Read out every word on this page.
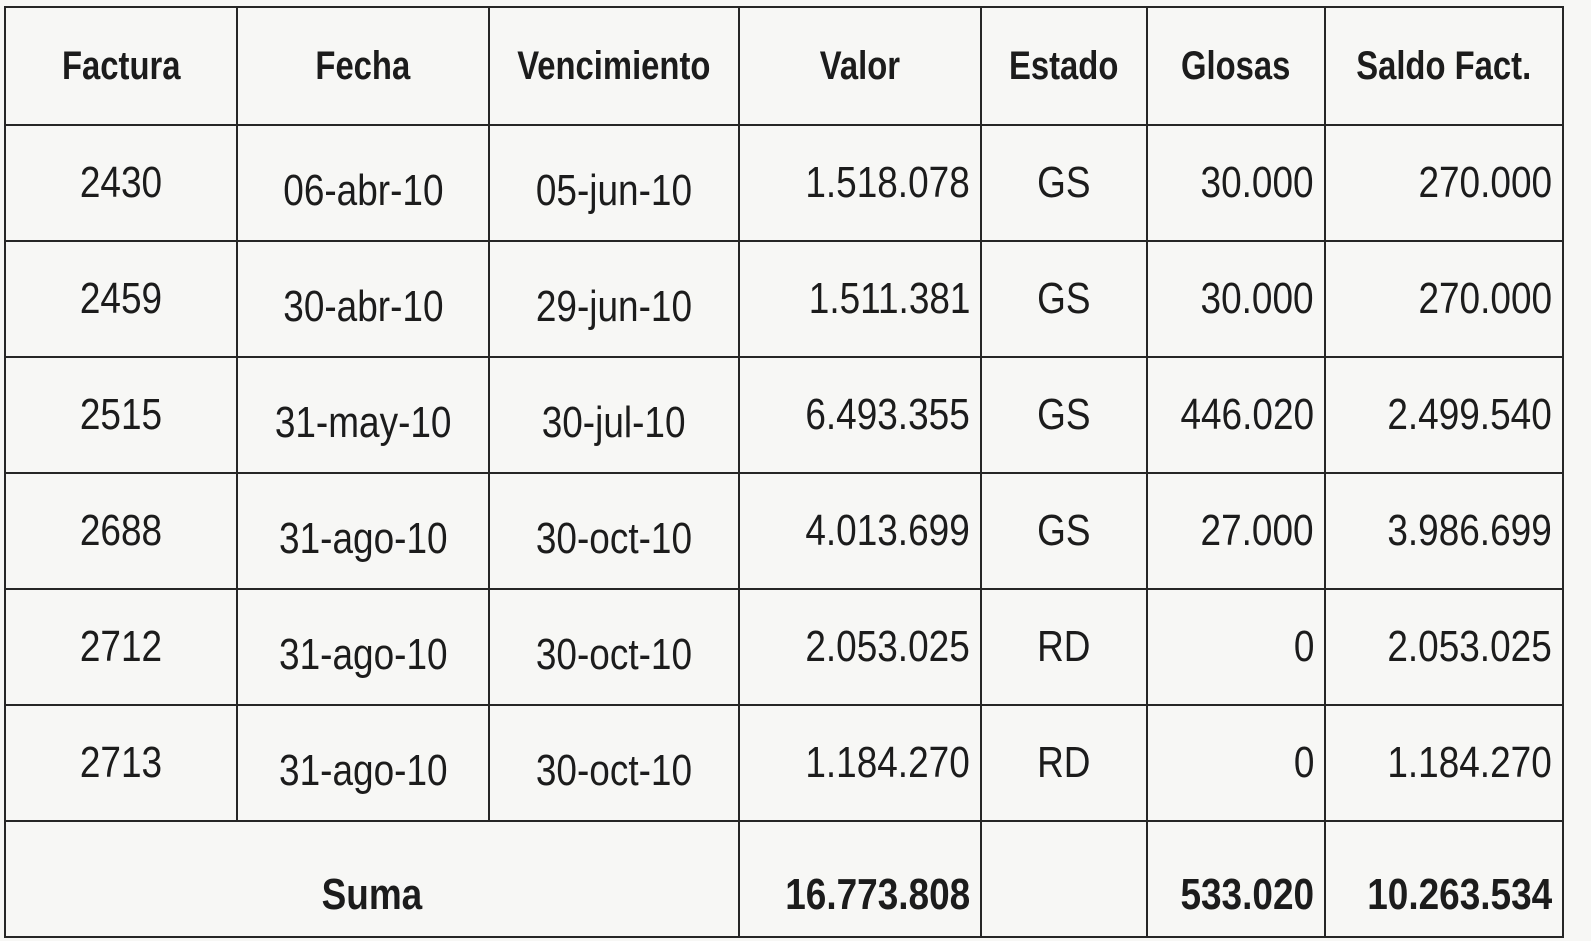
Factura	Fecha	Vencimiento	Valor	Estado	Glosas	Saldo Fact.
2430	06-abr-10	05-jun-10	1.518.078	GS	30.000	270.000
2459	30-abr-10	29-jun-10	1.511.381	GS	30.000	270.000
2515	31-may-10	30-jul-10	6.493.355	GS	446.020	2.499.540
2688	31-ago-10	30-oct-10	4.013.699	GS	27.000	3.986.699
2712	31-ago-10	30-oct-10	2.053.025	RD	0	2.053.025
2713	31-ago-10	30-oct-10	1.184.270	RD	0	1.184.270
Suma			16.773.808		533.020	10.263.534
